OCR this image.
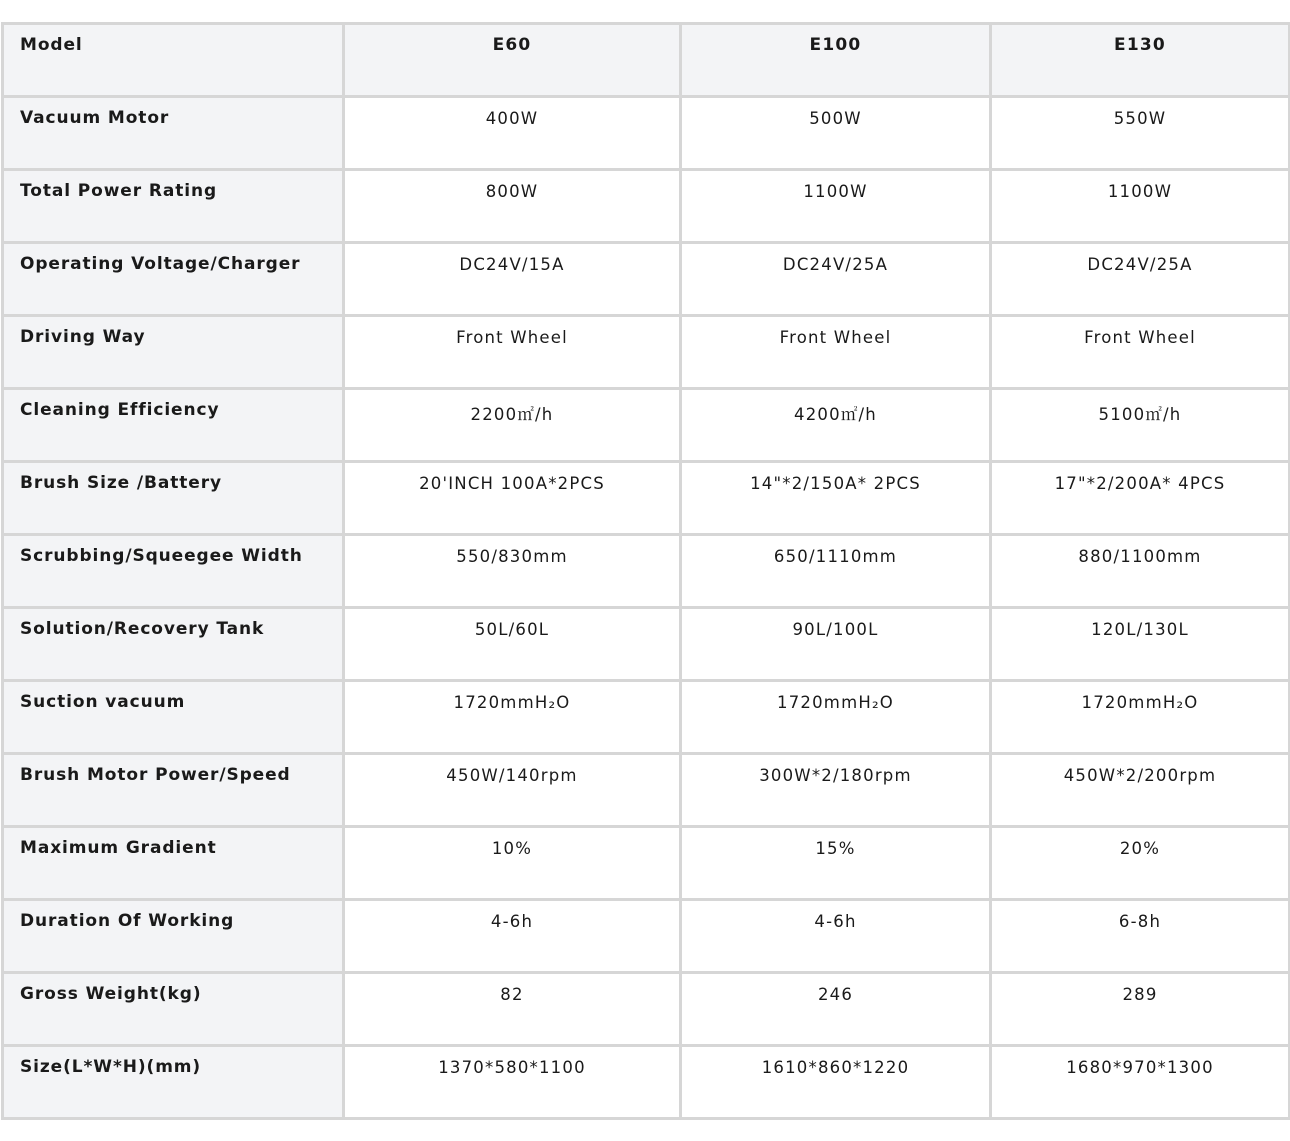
Model	E60	E100	E130
Vacuum Motor	400W	500W	550W
Total Power Rating	800W	1100W	1100W
Operating Voltage/Charger	DC24V/15A	DC24V/25A	DC24V/25A
Driving Way	Front Wheel	Front Wheel	Front Wheel
Cleaning Efficiency	2200㎡/h	4200㎡/h	5100㎡/h
Brush Size /Battery	20'INCH 100A*2PCS	14"*2/150A* 2PCS	17"*2/200A* 4PCS
Scrubbing/Squeegee Width	550/830mm	650/1110mm	880/1100mm
Solution/Recovery Tank	50L/60L	90L/100L	120L/130L
Suction vacuum	1720mmH₂O	1720mmH₂O	1720mmH₂O
Brush Motor Power/Speed	450W/140rpm	300W*2/180rpm	450W*2/200rpm
Maximum Gradient	10%	15%	20%
Duration Of Working	4-6h	4-6h	6-8h
Gross Weight(kg)	82	246	289
Size(L*W*H)(mm)	1370*580*1100	1610*860*1220	1680*970*1300
